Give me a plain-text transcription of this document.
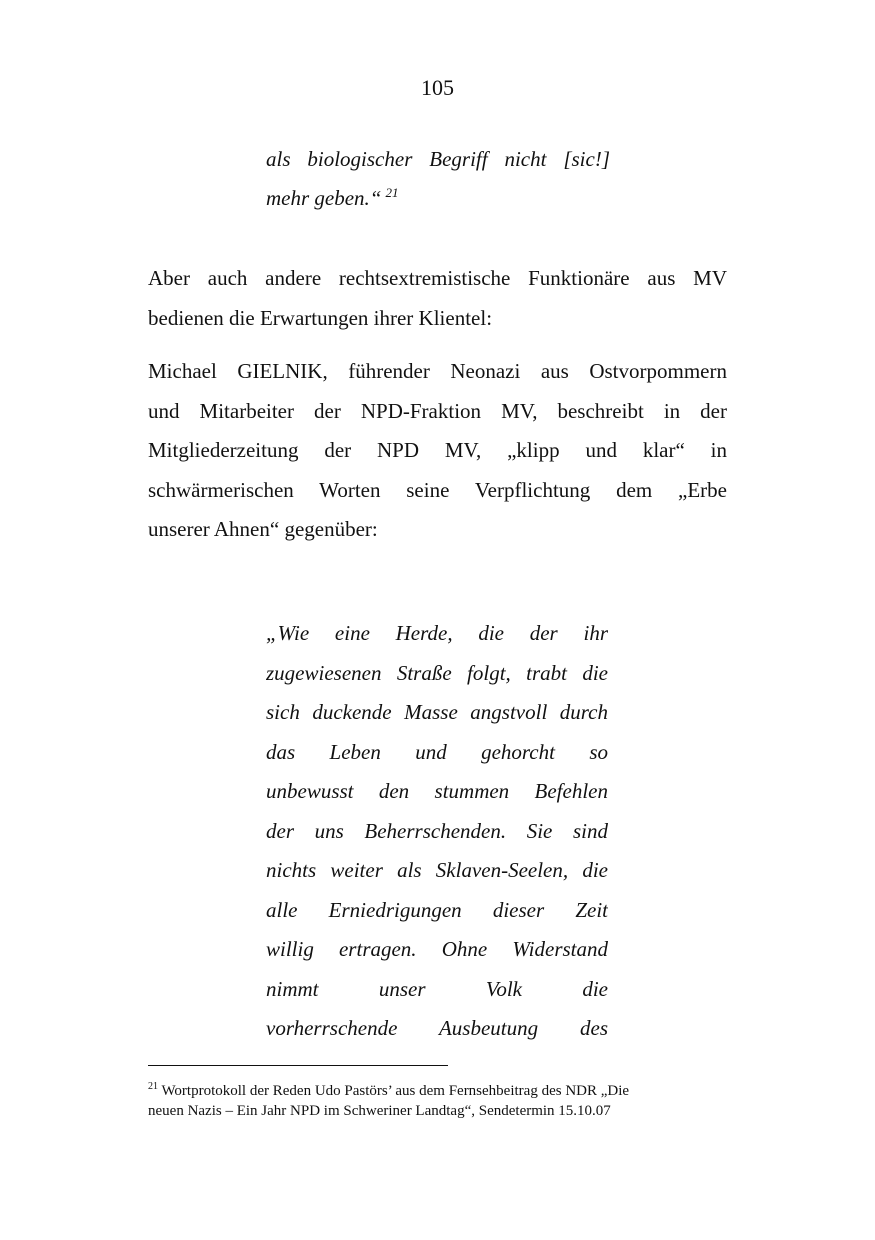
105
als biologischer Begriff nicht [sic!]
mehr geben.“ $^{21}$
Aber auch andere rechtsextremistische Funktionäre aus MV
bedienen die Erwartungen ihrer Klientel:
Michael GIELNIK, führender Neonazi aus Ostvorpommern
und Mitarbeiter der NPD-Fraktion MV, beschreibt in der
Mitgliederzeitung der NPD MV, „klipp und klar“ in
schwärmerischen Worten seine Verpflichtung dem „Erbe
unserer Ahnen“ gegenüber:
„Wie eine Herde, die der ihr
zugewiesenen Straße folgt, trabt die
sich duckende Masse angstvoll durch
das Leben und gehorcht so
unbewusst den stummen Befehlen
der uns Beherrschenden. Sie sind
nichts weiter als Sklaven-Seelen, die
alle Erniedrigungen dieser Zeit
willig ertragen. Ohne Widerstand
nimmt unser Volk die
vorherrschende Ausbeutung des
$^{21}$ Wortprotokoll der Reden Udo Pastörs’ aus dem Fernsehbeitrag des NDR „Die
neuen Nazis – Ein Jahr NPD im Schweriner Landtag“, Sendetermin 15.10.07
